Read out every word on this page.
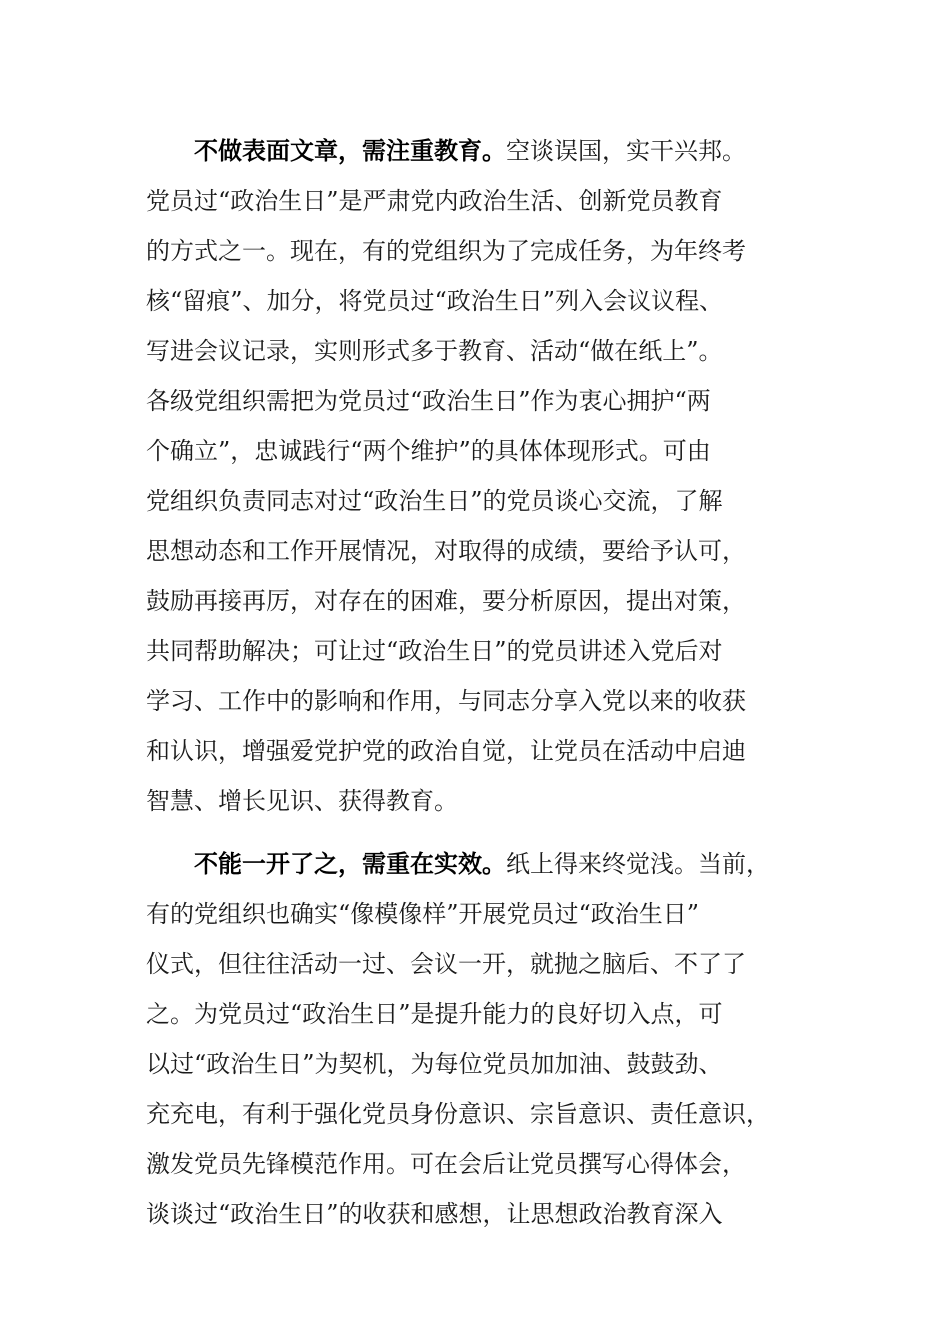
不做表面文章，需注重教育。空谈误国，实干兴邦。
党员过“政治生日”是严肃党内政治生活、创新党员教育
的方式之一。现在，有的党组织为了完成任务，为年终考
核“留痕”、加分，将党员过“政治生日”列入会议议程、
写进会议记录，实则形式多于教育、活动“做在纸上”。
各级党组织需把为党员过“政治生日”作为衷心拥护“两
个确立”，忠诚践行“两个维护”的具体体现形式。可由
党组织负责同志对过“政治生日”的党员谈心交流，了解
思想动态和工作开展情况，对取得的成绩，要给予认可，
鼓励再接再厉，对存在的困难，要分析原因，提出对策，
共同帮助解决；可让过“政治生日”的党员讲述入党后对
学习、工作中的影响和作用，与同志分享入党以来的收获
和认识，增强爱党护党的政治自觉，让党员在活动中启迪
智慧、增长见识、获得教育。
不能一开了之，需重在实效。纸上得来终觉浅。当前，
有的党组织也确实“像模像样”开展党员过“政治生日”
仪式，但往往活动一过、会议一开，就抛之脑后、不了了
之。为党员过“政治生日”是提升能力的良好切入点，可
以过“政治生日”为契机，为每位党员加加油、鼓鼓劲、
充充电，有利于强化党员身份意识、宗旨意识、责任意识，
激发党员先锋模范作用。可在会后让党员撰写心得体会，
谈谈过“政治生日”的收获和感想，让思想政治教育深入
